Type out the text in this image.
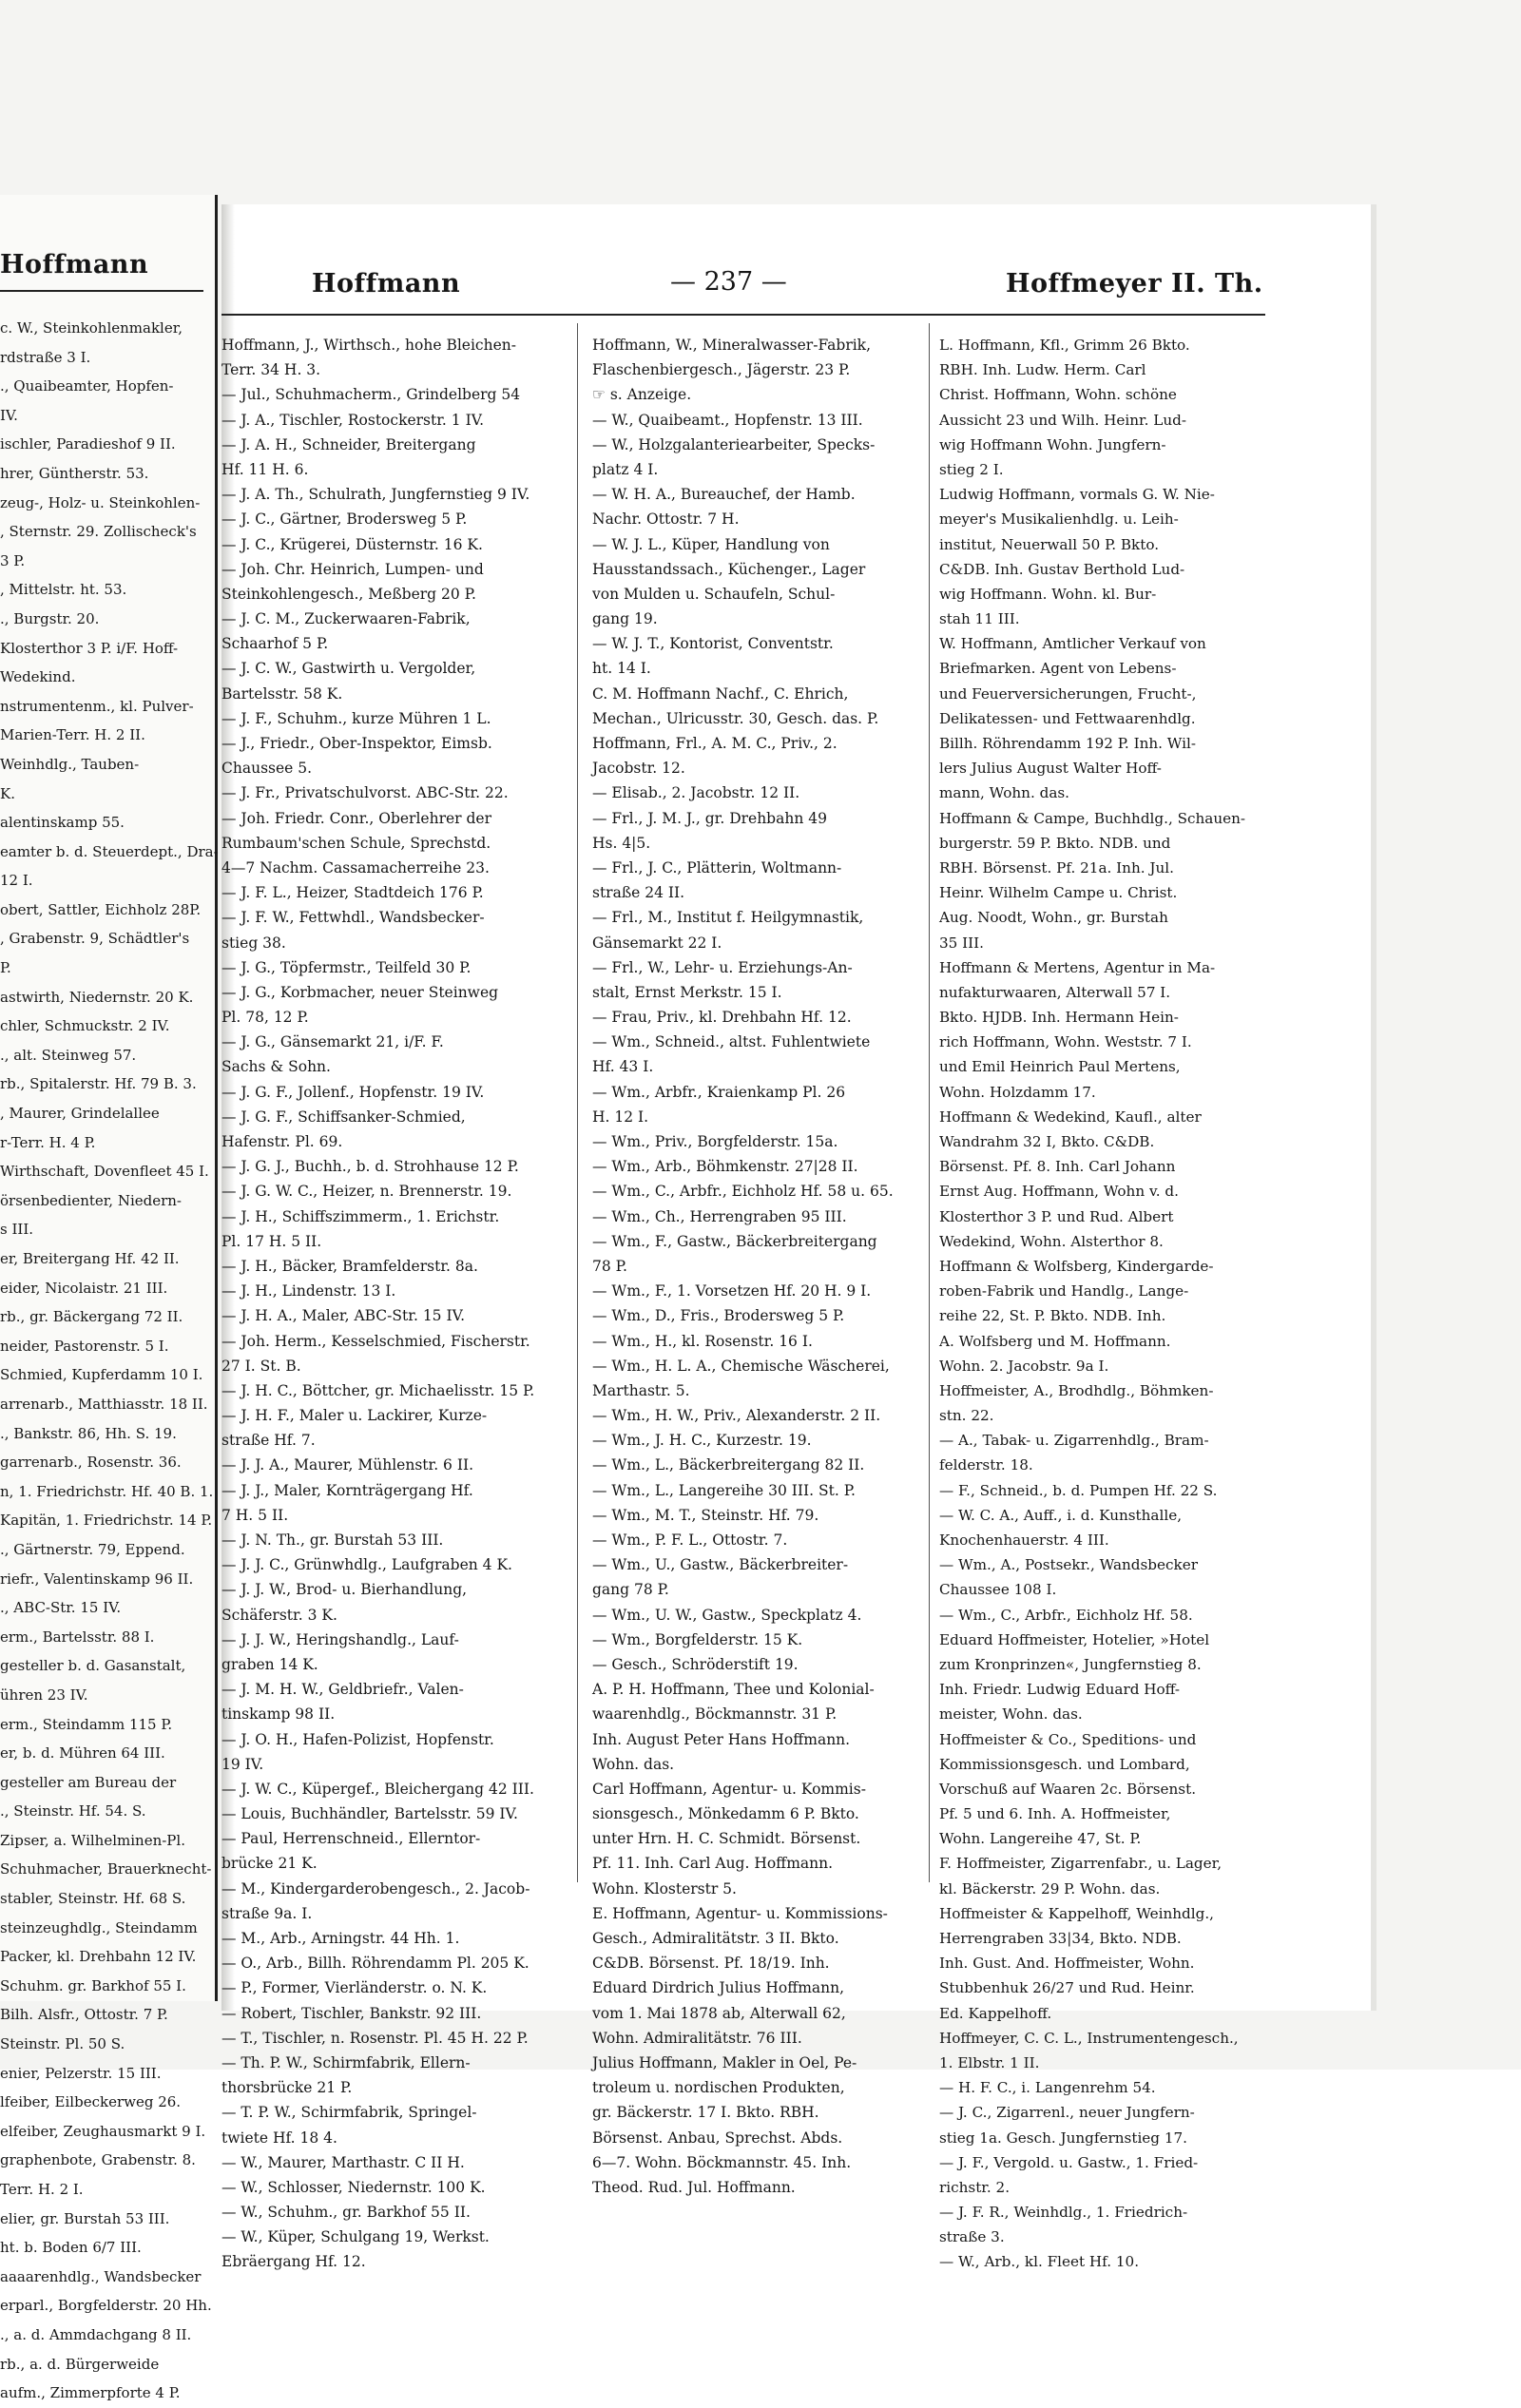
Hoffmann
c. W., Steinkohlenmakler,
rdstraße 3 I.
., Quaibeamter, Hopfen-
IV.
ischler, Paradieshof 9 II.
hrer, Güntherstr. 53.
zeug-, Holz- u. Steinkohlen-
, Sternstr. 29. Zollischeck's
3 P.
, Mittelstr. ht. 53.
., Burgstr. 20.
Klosterthor 3 P. i/F. Hoff-
Wedekind.
nstrumentenm., kl. Pulver-
Marien-Terr. H. 2 II.
Weinhdlg., Tauben-
K.
alentinskamp 55.
eamter b. d. Steuerdept., Dra-
12 I.
obert, Sattler, Eichholz 28P.
, Grabenstr. 9, Schädtler's
P.
astwirth, Niedernstr. 20 K.
chler, Schmuckstr. 2 IV.
., alt. Steinweg 57.
rb., Spitalerstr. Hf. 79 B. 3.
, Maurer, Grindelallee
r-Terr. H. 4 P.
Wirthschaft, Dovenfleet 45 I.
örsenbedienter, Niedern-
s III.
er, Breitergang Hf. 42 II.
eider, Nicolaistr. 21 III.
rb., gr. Bäckergang 72 II.
neider, Pastorenstr. 5 I.
Schmied, Kupferdamm 10 I.
arrenarb., Matthiasstr. 18 II.
., Bankstr. 86, Hh. S. 19.
garrenarb., Rosenstr. 36.
n, 1. Friedrichstr. Hf. 40 B. 1.
Kapitän, 1. Friedrichstr. 14 P.
., Gärtnerstr. 79, Eppend.
riefr., Valentinskamp 96 II.
., ABC-Str. 15 IV.
erm., Bartelsstr. 88 I.
gesteller b. d. Gasanstalt,
ühren 23 IV.
erm., Steindamm 115 P.
er, b. d. Mühren 64 III.
gesteller am Bureau der
., Steinstr. Hf. 54. S.
Zipser, a. Wilhelminen-Pl.
Schuhmacher, Brauerknecht-
stabler, Steinstr. Hf. 68 S.
steinzeughdlg., Steindamm
Packer, kl. Drehbahn 12 IV.
Schuhm. gr. Barkhof 55 I.
Bilh. Alsfr., Ottostr. 7 P.
Steinstr. Pl. 50 S.
enier, Pelzerstr. 15 III.
lfeiber, Eilbeckerweg 26.
elfeiber, Zeughausmarkt 9 I.
graphenbote, Grabenstr. 8.
Terr. H. 2 I.
elier, gr. Burstah 53 III.
ht. b. Boden 6/7 III.
aaaarenhdlg., Wandsbecker
erparl., Borgfelderstr. 20 Hh.
., a. d. Ammdachgang 8 II.
rb., a. d. Bürgerweide
aufm., Zimmerpforte 4 P.
Hoffmann	— 237 —	Hoffmeyer II. Th.
Hoffmann, J., Wirthsch., hohe Bleichen-
Terr. 34 H. 3.
— Jul., Schuhmacherm., Grindelberg 54
— J. A., Tischler, Rostockerstr. 1 IV.
— J. A. H., Schneider, Breitergang
Hf. 11 H. 6.
— J. A. Th., Schulrath, Jungfernstieg 9 IV.
— J. C., Gärtner, Brodersweg 5 P.
— J. C., Krügerei, Düsternstr. 16 K.
— Joh. Chr. Heinrich, Lumpen- und
Steinkohlengesch., Meßberg 20 P.
— J. C. M., Zuckerwaaren-Fabrik,
Schaarhof 5 P.
— J. C. W., Gastwirth u. Vergolder,
Bartelsstr. 58 K.
— J. F., Schuhm., kurze Mühren 1 L.
— J., Friedr., Ober-Inspektor, Eimsb.
Chaussee 5.
— J. Fr., Privatschulvorst. ABC-Str. 22.
— Joh. Friedr. Conr., Oberlehrer der
Rumbaum'schen Schule, Sprechstd.
4—7 Nachm. Cassamacherreihe 23.
— J. F. L., Heizer, Stadtdeich 176 P.
— J. F. W., Fettwhdl., Wandsbecker-
stieg 38.
— J. G., Töpfermstr., Teilfeld 30 P.
— J. G., Korbmacher, neuer Steinweg
Pl. 78, 12 P.
— J. G., Gänsemarkt 21, i/F. F.
Sachs & Sohn.
— J. G. F., Jollenf., Hopfenstr. 19 IV.
— J. G. F., Schiffsanker-Schmied,
Hafenstr. Pl. 69.
— J. G. J., Buchh., b. d. Strohhause 12 P.
— J. G. W. C., Heizer, n. Brennerstr. 19.
— J. H., Schiffszimmerm., 1. Erichstr.
Pl. 17 H. 5 II.
— J. H., Bäcker, Bramfelderstr. 8a.
— J. H., Lindenstr. 13 I.
— J. H. A., Maler, ABC-Str. 15 IV.
— Joh. Herm., Kesselschmied, Fischerstr.
27 I. St. B.
— J. H. C., Böttcher, gr. Michaelisstr. 15 P.
— J. H. F., Maler u. Lackirer, Kurze-
straße Hf. 7.
— J. J. A., Maurer, Mühlenstr. 6 II.
— J. J., Maler, Kornträgergang Hf.
7 H. 5 II.
— J. N. Th., gr. Burstah 53 III.
— J. J. C., Grünwhdlg., Laufgraben 4 K.
— J. J. W., Brod- u. Bierhandlung,
Schäferstr. 3 K.
— J. J. W., Heringshandlg., Lauf-
graben 14 K.
— J. M. H. W., Geldbriefr., Valen-
tinskamp 98 II.
— J. O. H., Hafen-Polizist, Hopfenstr.
19 IV.
— J. W. C., Küpergef., Bleichergang 42 III.
— Louis, Buchhändler, Bartelsstr. 59 IV.
— Paul, Herrenschneid., Ellerntor-
brücke 21 K.
— M., Kindergarderobengesch., 2. Jacob-
straße 9a. I.
— M., Arb., Arningstr. 44 Hh. 1.
— O., Arb., Billh. Röhrendamm Pl. 205 K.
— P., Former, Vierländerstr. o. N. K.
— Robert, Tischler, Bankstr. 92 III.
— T., Tischler, n. Rosenstr. Pl. 45 H. 22 P.
— Th. P. W., Schirmfabrik, Ellern-
thorsbrücke 21 P.
— T. P. W., Schirmfabrik, Springel-
twiete Hf. 18 4.
— W., Maurer, Marthastr. C II H.
— W., Schlosser, Niedernstr. 100 K.
— W., Schuhm., gr. Barkhof 55 II.
— W., Küper, Schulgang 19, Werkst.
Ebräergang Hf. 12.
Hoffmann, W., Mineralwasser-Fabrik,
Flaschenbiergesch., Jägerstr. 23 P.
☞ s. Anzeige.
— W., Quaibeamt., Hopfenstr. 13 III.
— W., Holzgalanteriearbeiter, Specks-
platz 4 I.
— W. H. A., Bureauchef, der Hamb.
Nachr. Ottostr. 7 H.
— W. J. L., Küper, Handlung von
Hausstandssach., Küchenger., Lager
von Mulden u. Schaufeln, Schul-
gang 19.
— W. J. T., Kontorist, Conventstr.
ht. 14 I.
C. M. Hoffmann Nachf., C. Ehrich,
Mechan., Ulricusstr. 30, Gesch. das. P.
Hoffmann, Frl., A. M. C., Priv., 2.
Jacobstr. 12.
— Elisab., 2. Jacobstr. 12 II.
— Frl., J. M. J., gr. Drehbahn 49
Hs. 4|5.
— Frl., J. C., Plätterin, Woltmann-
straße 24 II.
— Frl., M., Institut f. Heilgymnastik,
Gänsemarkt 22 I.
— Frl., W., Lehr- u. Erziehungs-An-
stalt, Ernst Merkstr. 15 I.
— Frau, Priv., kl. Drehbahn Hf. 12.
— Wm., Schneid., altst. Fuhlentwiete
Hf. 43 I.
— Wm., Arbfr., Kraienkamp Pl. 26
H. 12 I.
— Wm., Priv., Borgfelderstr. 15a.
— Wm., Arb., Böhmkenstr. 27|28 II.
— Wm., C., Arbfr., Eichholz Hf. 58 u. 65.
— Wm., Ch., Herrengraben 95 III.
— Wm., F., Gastw., Bäckerbreitergang
78 P.
— Wm., F., 1. Vorsetzen Hf. 20 H. 9 I.
— Wm., D., Fris., Brodersweg 5 P.
— Wm., H., kl. Rosenstr. 16 I.
— Wm., H. L. A., Chemische Wäscherei,
Marthastr. 5.
— Wm., H. W., Priv., Alexanderstr. 2 II.
— Wm., J. H. C., Kurzestr. 19.
— Wm., L., Bäckerbreitergang 82 II.
— Wm., L., Langereihe 30 III. St. P.
— Wm., M. T., Steinstr. Hf. 79.
— Wm., P. F. L., Ottostr. 7.
— Wm., U., Gastw., Bäckerbreiter-
gang 78 P.
— Wm., U. W., Gastw., Speckplatz 4.
— Wm., Borgfelderstr. 15 K.
— Gesch., Schröderstift 19.
A. P. H. Hoffmann, Thee und Kolonial-
waarenhdlg., Böckmannstr. 31 P.
Inh. August Peter Hans Hoffmann.
Wohn. das.
Carl Hoffmann, Agentur- u. Kommis-
sionsgesch., Mönkedamm 6 P. Bkto.
unter Hrn. H. C. Schmidt. Börsenst.
Pf. 11. Inh. Carl Aug. Hoffmann.
Wohn. Klosterstr 5.
E. Hoffmann, Agentur- u. Kommissions-
Gesch., Admiralitätstr. 3 II. Bkto.
C&DB. Börsenst. Pf. 18/19. Inh.
Eduard Dirdrich Julius Hoffmann,
vom 1. Mai 1878 ab, Alterwall 62,
Wohn. Admiralitätstr. 76 III.
Julius Hoffmann, Makler in Oel, Pe-
troleum u. nordischen Produkten,
gr. Bäckerstr. 17 I. Bkto. RBH.
Börsenst. Anbau, Sprechst. Abds.
6—7. Wohn. Böckmannstr. 45. Inh.
Theod. Rud. Jul. Hoffmann.
L. Hoffmann, Kfl., Grimm 26 Bkto.
RBH. Inh. Ludw. Herm. Carl
Christ. Hoffmann, Wohn. schöne
Aussicht 23 und Wilh. Heinr. Lud-
wig Hoffmann Wohn. Jungfern-
stieg 2 I.
Ludwig Hoffmann, vormals G. W. Nie-
meyer's Musikalienhdlg. u. Leih-
institut, Neuerwall 50 P. Bkto.
C&DB. Inh. Gustav Berthold Lud-
wig Hoffmann. Wohn. kl. Bur-
stah 11 III.
W. Hoffmann, Amtlicher Verkauf von
Briefmarken. Agent von Lebens-
und Feuerversicherungen, Frucht-,
Delikatessen- und Fettwaarenhdlg.
Billh. Röhrendamm 192 P. Inh. Wil-
lers Julius August Walter Hoff-
mann, Wohn. das.
Hoffmann & Campe, Buchhdlg., Schauen-
burgerstr. 59 P. Bkto. NDB. und
RBH. Börsenst. Pf. 21a. Inh. Jul.
Heinr. Wilhelm Campe u. Christ.
Aug. Noodt, Wohn., gr. Burstah
35 III.
Hoffmann & Mertens, Agentur in Ma-
nufakturwaaren, Alterwall 57 I.
Bkto. HJDB. Inh. Hermann Hein-
rich Hoffmann, Wohn. Weststr. 7 I.
und Emil Heinrich Paul Mertens,
Wohn. Holzdamm 17.
Hoffmann & Wedekind, Kaufl., alter
Wandrahm 32 I, Bkto. C&DB.
Börsenst. Pf. 8. Inh. Carl Johann
Ernst Aug. Hoffmann, Wohn v. d.
Klosterthor 3 P. und Rud. Albert
Wedekind, Wohn. Alsterthor 8.
Hoffmann & Wolfsberg, Kindergarde-
roben-Fabrik und Handlg., Lange-
reihe 22, St. P. Bkto. NDB. Inh.
A. Wolfsberg und M. Hoffmann.
Wohn. 2. Jacobstr. 9a I.
Hoffmeister, A., Brodhdlg., Böhmken-
stn. 22.
— A., Tabak- u. Zigarrenhdlg., Bram-
felderstr. 18.
— F., Schneid., b. d. Pumpen Hf. 22 S.
— W. C. A., Auff., i. d. Kunsthalle,
Knochenhauerstr. 4 III.
— Wm., A., Postsekr., Wandsbecker
Chaussee 108 I.
— Wm., C., Arbfr., Eichholz Hf. 58.
Eduard Hoffmeister, Hotelier, »Hotel
zum Kronprinzen«, Jungfernstieg 8.
Inh. Friedr. Ludwig Eduard Hoff-
meister, Wohn. das.
Hoffmeister & Co., Speditions- und
Kommissionsgesch. und Lombard,
Vorschuß auf Waaren 2c. Börsenst.
Pf. 5 und 6. Inh. A. Hoffmeister,
Wohn. Langereihe 47, St. P.
F. Hoffmeister, Zigarrenfabr., u. Lager,
kl. Bäckerstr. 29 P. Wohn. das.
Hoffmeister & Kappelhoff, Weinhdlg.,
Herrengraben 33|34, Bkto. NDB.
Inh. Gust. And. Hoffmeister, Wohn.
Stubbenhuk 26/27 und Rud. Heinr.
Ed. Kappelhoff.
Hoffmeyer, C. C. L., Instrumentengesch.,
1. Elbstr. 1 II.
— H. F. C., i. Langenrehm 54.
— J. C., Zigarrenl., neuer Jungfern-
stieg 1a. Gesch. Jungfernstieg 17.
— J. F., Vergold. u. Gastw., 1. Fried-
richstr. 2.
— J. F. R., Weinhdlg., 1. Friedrich-
straße 3.
— W., Arb., kl. Fleet Hf. 10.
